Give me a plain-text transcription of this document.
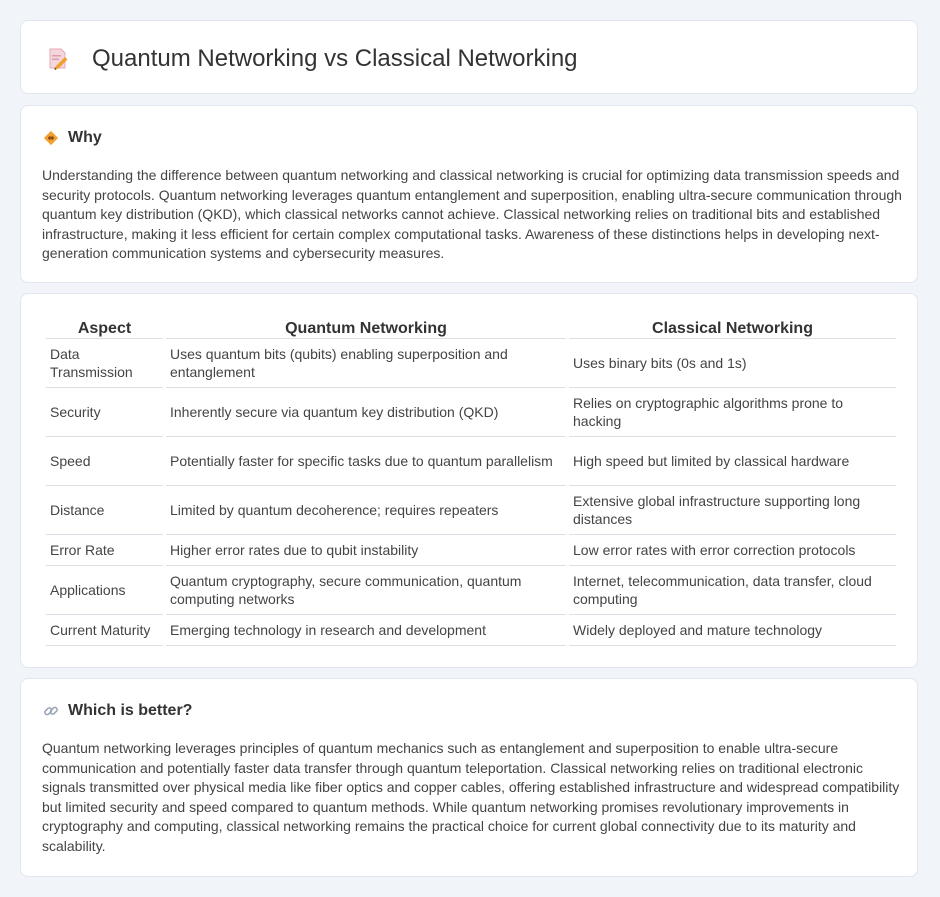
Quantum Networking vs Classical Networking
Why

Understanding the difference between quantum networking and classical networking is crucial for optimizing data transmission speeds and security protocols. Quantum networking leverages quantum entanglement and superposition, enabling ultra-secure communication through quantum key distribution (QKD), which classical networks cannot achieve. Classical networking relies on traditional bits and established infrastructure, making it less efficient for certain complex computational tasks. Awareness of these distinctions helps in developing next-generation communication systems and cybersecurity measures.

Aspect	Quantum Networking	Classical Networking
Data Transmission	Uses quantum bits (qubits) enabling superposition and entanglement	Uses binary bits (0s and 1s)
Security	Inherently secure via quantum key distribution (QKD)	Relies on cryptographic algorithms prone to hacking
Speed	Potentially faster for specific tasks due to quantum parallelism	High speed but limited by classical hardware
Distance	Limited by quantum decoherence; requires repeaters	Extensive global infrastructure supporting long distances
Error Rate	Higher error rates due to qubit instability	Low error rates with error correction protocols
Applications	Quantum cryptography, secure communication, quantum computing networks	Internet, telecommunication, data transfer, cloud computing
Current Maturity	Emerging technology in research and development	Widely deployed and mature technology
Which is better?

Quantum networking leverages principles of quantum mechanics such as entanglement and superposition to enable ultra-secure communication and potentially faster data transfer through quantum teleportation. Classical networking relies on traditional electronic signals transmitted over physical media like fiber optics and copper cables, offering established infrastructure and widespread compatibility but limited security and speed compared to quantum methods. While quantum networking promises revolutionary improvements in cryptography and computing, classical networking remains the practical choice for current global connectivity due to its maturity and scalability.
